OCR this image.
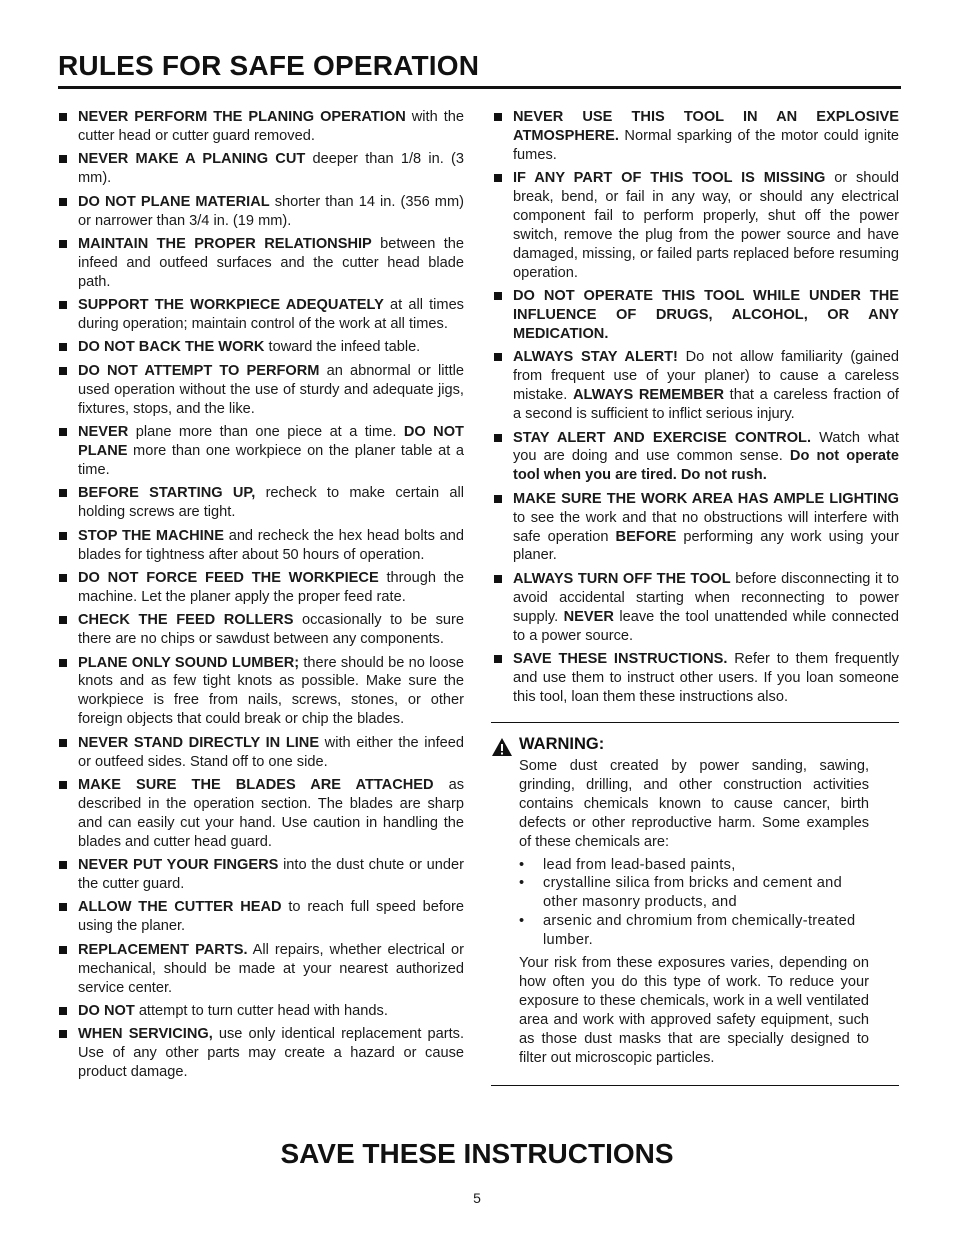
RULES FOR SAFE OPERATION
NEVER PERFORM THE PLANING OPERATION with the cutter head or cutter guard removed.
NEVER MAKE A PLANING CUT deeper than 1/8 in. (3 mm).
DO NOT PLANE MATERIAL shorter than 14 in. (356 mm) or narrower than 3/4 in. (19 mm).
MAINTAIN THE PROPER RELATIONSHIP between the infeed and outfeed surfaces and the cutter head blade path.
SUPPORT THE WORKPIECE ADEQUATELY at all times during operation; maintain control of the work at all times.
DO NOT BACK THE WORK toward the infeed table.
DO NOT ATTEMPT TO PERFORM an abnormal or little used operation without the use of sturdy and adequate jigs, fixtures, stops, and the like.
NEVER plane more than one piece at a time. DO NOT PLANE more than one workpiece on the planer table at a time.
BEFORE STARTING UP, recheck to make certain all holding screws are tight.
STOP THE MACHINE and recheck the hex head bolts and blades for tightness after about 50 hours of operation.
DO NOT FORCE FEED THE WORKPIECE through the machine. Let the planer apply the proper feed rate.
CHECK THE FEED ROLLERS occasionally to be sure there are no chips or sawdust between any components.
PLANE ONLY SOUND LUMBER; there should be no loose knots and as few tight knots as possible. Make sure the workpiece is free from nails, screws, stones, or other foreign objects that could break or chip the blades.
NEVER STAND DIRECTLY IN LINE with either the infeed or outfeed sides. Stand off to one side.
MAKE SURE THE BLADES ARE ATTACHED as described in the operation section. The blades are sharp and can easily cut your hand. Use caution in handling the blades and cutter head guard.
NEVER PUT YOUR FINGERS into the dust chute or under the cutter guard.
ALLOW THE CUTTER HEAD to reach full speed before using the planer.
REPLACEMENT PARTS. All repairs, whether electrical or mechanical, should be made at your nearest authorized service center.
DO NOT attempt to turn cutter head with hands.
WHEN SERVICING, use only identical replacement parts. Use of any other parts may create a hazard or cause product damage.
NEVER USE THIS TOOL IN AN EXPLOSIVE ATMOSPHERE. Normal sparking of the motor could ignite fumes.
IF ANY PART OF THIS TOOL IS MISSING or should break, bend, or fail in any way, or should any electrical component fail to perform properly, shut off the power switch, remove the plug from the power source and have damaged, missing, or failed parts replaced before resuming operation.
DO NOT OPERATE THIS TOOL WHILE UNDER THE INFLUENCE OF DRUGS, ALCOHOL, OR ANY MEDICATION.
ALWAYS STAY ALERT! Do not allow familiarity (gained from frequent use of your planer) to cause a careless mistake. ALWAYS REMEMBER that a careless fraction of a second is sufficient to inflict serious injury.
STAY ALERT AND EXERCISE CONTROL. Watch what you are doing and use common sense. Do not operate tool when you are tired. Do not rush.
MAKE SURE THE WORK AREA HAS AMPLE LIGHTING to see the work and that no obstructions will interfere with safe operation BEFORE performing any work using your planer.
ALWAYS TURN OFF THE TOOL before disconnecting it to avoid accidental starting when reconnecting to power supply. NEVER leave the tool unattended while connected to a power source.
SAVE THESE INSTRUCTIONS. Refer to them frequently and use them to instruct other users. If you loan someone this tool, loan them these instructions also.
WARNING:

Some dust created by power sanding, sawing, grinding, drilling, and other construction activities contains chemicals known to cause cancer, birth defects or other reproductive harm. Some examples of these chemicals are:

• lead from lead-based paints,
• crystalline silica from bricks and cement and other masonry products, and
• arsenic and chromium from chemically-treated lumber.

Your risk from these exposures varies, depending on how often you do this type of work. To reduce your exposure to these chemicals, work in a well ventilated area and work with approved safety equipment, such as those dust masks that are specially designed to filter out microscopic particles.

SAVE THESE INSTRUCTIONS
5
